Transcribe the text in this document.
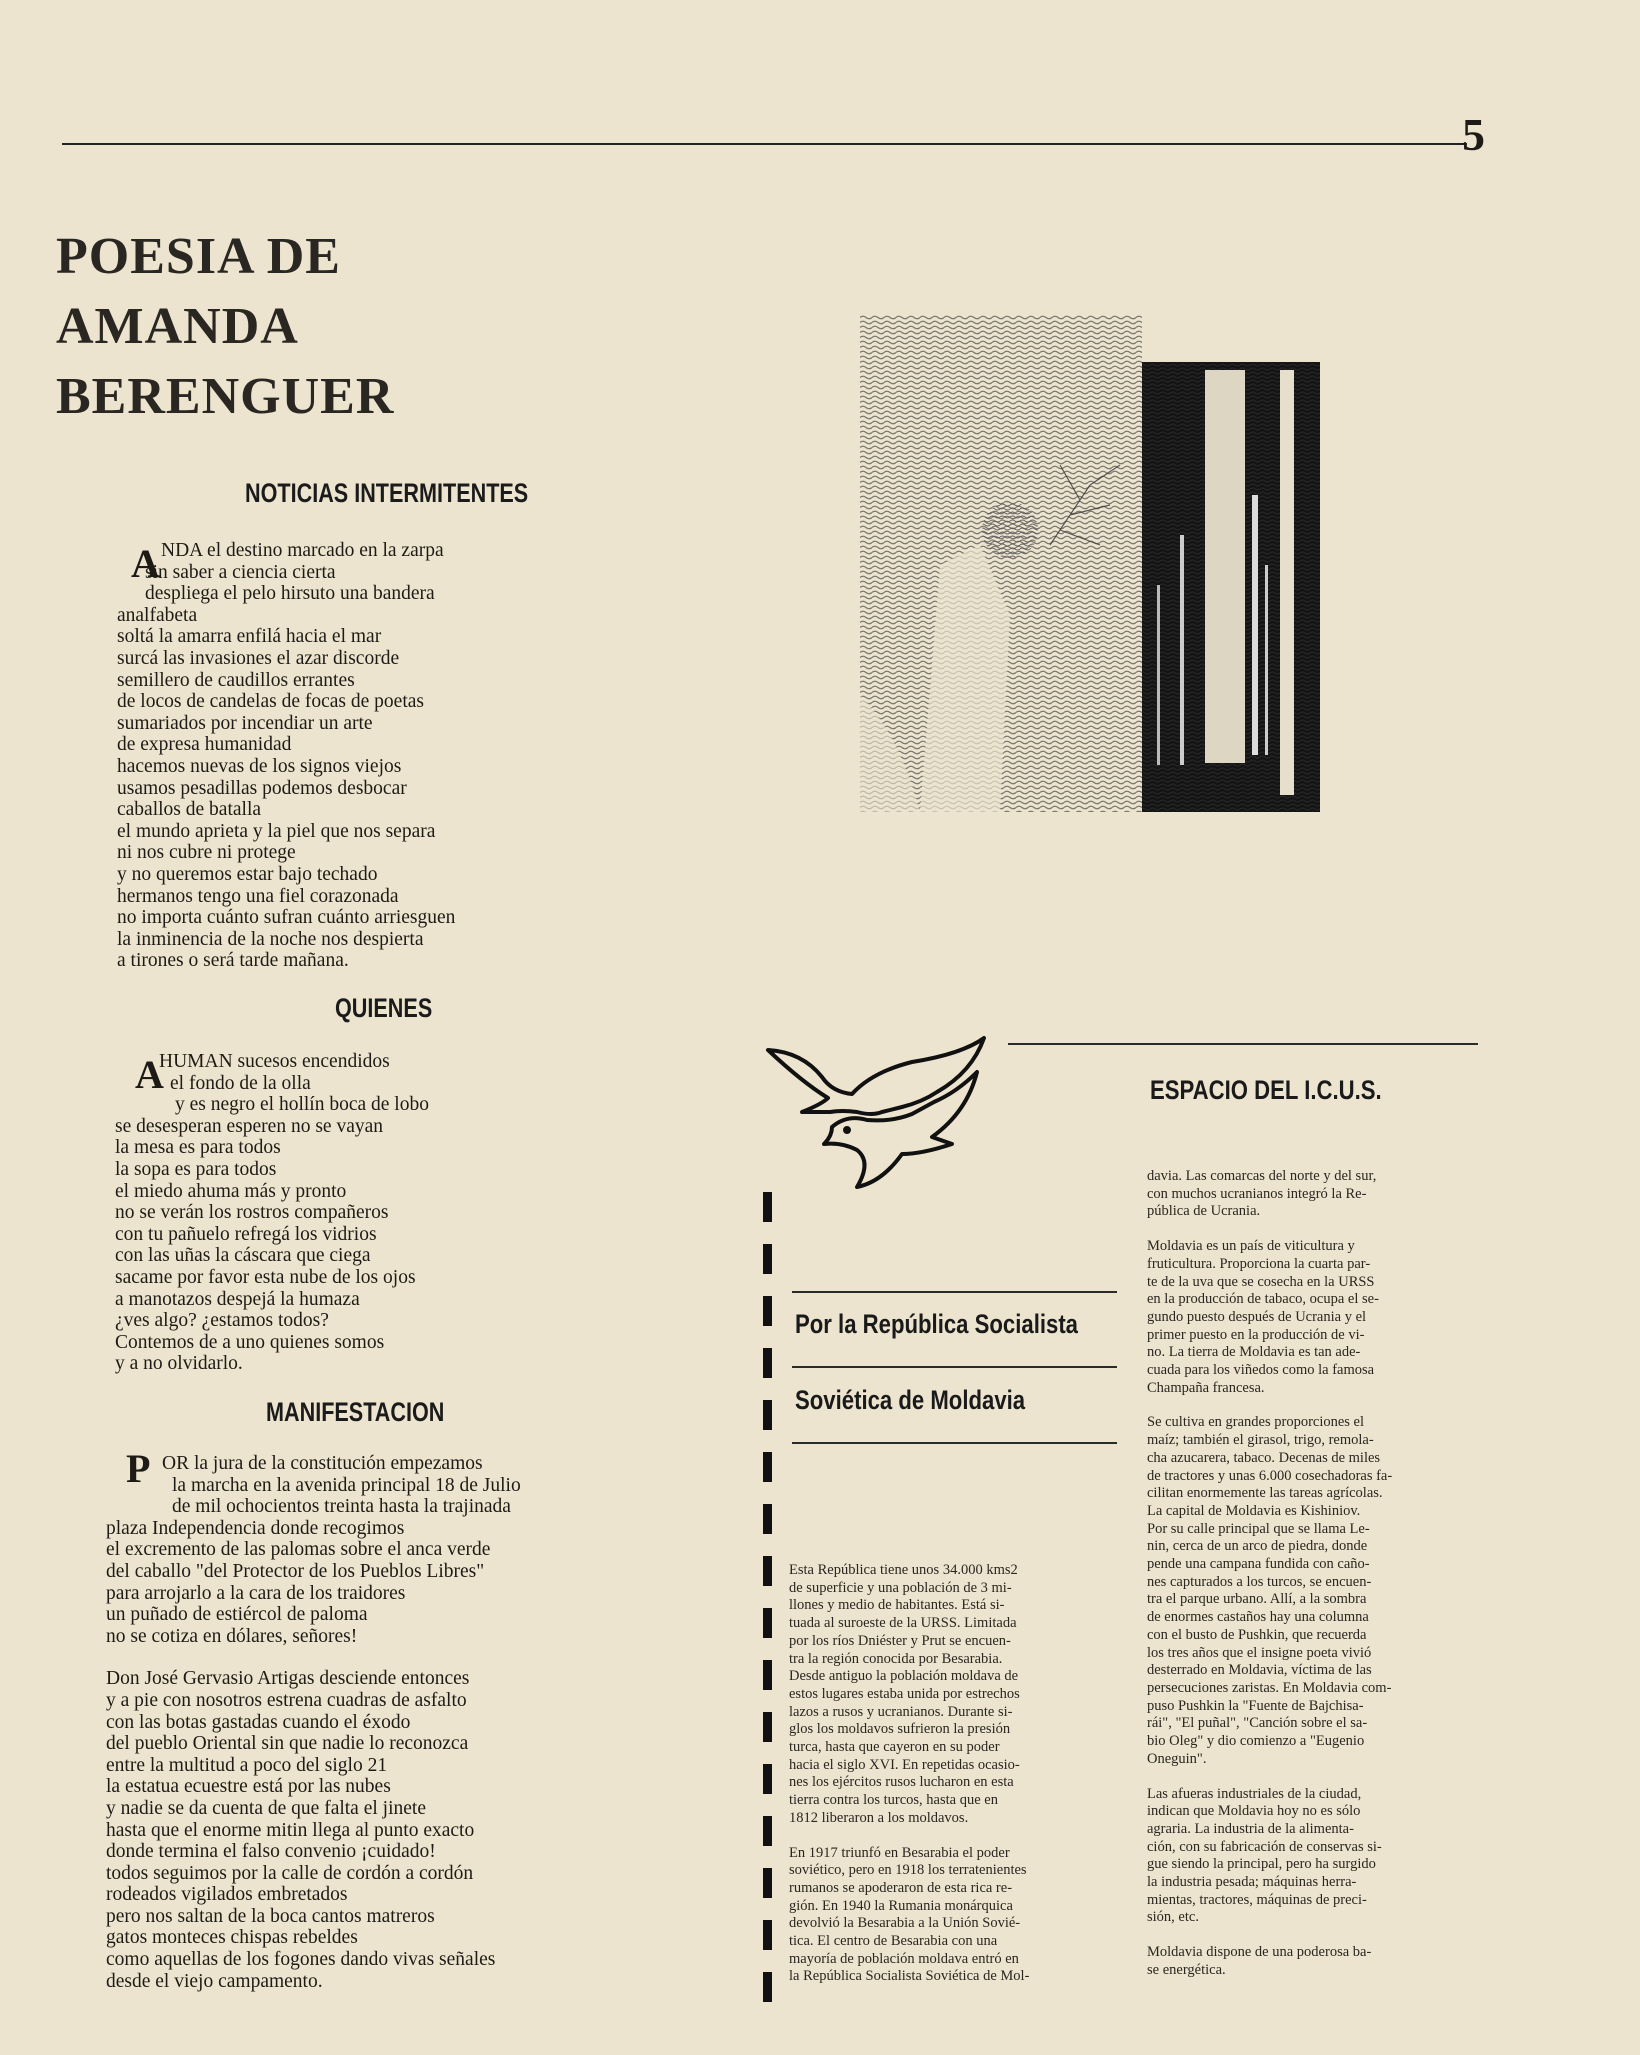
5
POESIA DE
AMANDA
BERENGUER
NOTICIAS INTERMITENTES
A NDA el destino marcado en la zarpa
sin saber a ciencia cierta
despliega el pelo hirsuto una bandera
analfabeta
soltá la amarra enfilá hacia el mar
surcá las invasiones el azar discorde
semillero de caudillos errantes
de locos de candelas de focas de poetas
sumariados por incendiar un arte
de expresa humanidad
hacemos nuevas de los signos viejos
usamos pesadillas podemos desbocar
caballos de batalla
el mundo aprieta y la piel que nos separa
ni nos cubre ni protege
y no queremos estar bajo techado
hermanos tengo una fiel corazonada
no importa cuánto sufran cuánto arriesguen
la inminencia de la noche nos despierta
a tirones o será tarde mañana.
QUIENES
A
HUMAN sucesos encendidos
el fondo de la olla
y es negro el hollín boca de lobo
se desesperan esperen no se vayan
la mesa es para todos
la sopa es para todos
el miedo ahuma más y pronto
no se verán los rostros compañeros
con tu pañuelo refregá los vidrios
con las uñas la cáscara que ciega
sacame por favor esta nube de los ojos
a manotazos despejá la humaza
¿ves algo? ¿estamos todos?
Contemos de a uno quienes somos
y a no olvidarlo.
MANIFESTACION
P OR la jura de la constitución empezamos
la marcha en la avenida principal 18 de Julio
de mil ochocientos treinta hasta la trajinada
plaza Independencia donde recogimos
el excremento de las palomas sobre el anca verde
del caballo "del Protector de los Pueblos Libres"
para arrojarlo a la cara de los traidores
un puñado de estiércol de paloma
no se cotiza en dólares, señores!
Don José Gervasio Artigas desciende entonces
y a pie con nosotros estrena cuadras de asfalto
con las botas gastadas cuando el éxodo
del pueblo Oriental sin que nadie lo reconozca
entre la multitud a poco del siglo 21
la estatua ecuestre está por las nubes
y nadie se da cuenta de que falta el jinete
hasta que el enorme mitin llega al punto exacto
donde termina el falso convenio ¡cuidado!
todos seguimos por la calle de cordón a cordón
rodeados vigilados embretados
pero nos saltan de la boca cantos matreros
gatos monteces chispas rebeldes
como aquellas de los fogones dando vivas señales
desde el viejo campamento.
ESPACIO DEL I.C.U.S.
Por la República Socialista
Soviética de Moldavia
Esta República tiene unos 34.000 kms2
de superficie y una población de 3 mi-
llones y medio de habitantes. Está si-
tuada al suroeste de la URSS. Limitada
por los ríos Dniéster y Prut se encuen-
tra la región conocida por Besarabia.
Desde antiguo la población moldava de
estos lugares estaba unida por estrechos
lazos a rusos y ucranianos. Durante si-
glos los moldavos sufrieron la presión
turca, hasta que cayeron en su poder
hacia el siglo XVI. En repetidas ocasio-
nes los ejércitos rusos lucharon en esta
tierra contra los turcos, hasta que en
1812 liberaron a los moldavos.
En 1917 triunfó en Besarabia el poder
soviético, pero en 1918 los terratenientes
rumanos se apoderaron de esta rica re-
gión. En 1940 la Rumania monárquica
devolvió la Besarabia a la Unión Sovié-
tica. El centro de Besarabia con una
mayoría de población moldava entró en
la República Socialista Soviética de Mol-
davia. Las comarcas del norte y del sur,
con muchos ucranianos integró la Re-
pública de Ucrania.
Moldavia es un país de viticultura y
fruticultura. Proporciona la cuarta par-
te de la uva que se cosecha en la URSS
en la producción de tabaco, ocupa el se-
gundo puesto después de Ucrania y el
primer puesto en la producción de vi-
no. La tierra de Moldavia es tan ade-
cuada para los viñedos como la famosa
Champaña francesa.
Se cultiva en grandes proporciones el
maíz; también el girasol, trigo, remola-
cha azucarera, tabaco. Decenas de miles
de tractores y unas 6.000 cosechadoras fa-
cilitan enormemente las tareas agrícolas.
La capital de Moldavia es Kishiniov.
Por su calle principal que se llama Le-
nin, cerca de un arco de piedra, donde
pende una campana fundida con caño-
nes capturados a los turcos, se encuen-
tra el parque urbano. Allí, a la sombra
de enormes castaños hay una columna
con el busto de Pushkin, que recuerda
los tres años que el insigne poeta vivió
desterrado en Moldavia, víctima de las
persecuciones zaristas. En Moldavia com-
puso Pushkin la "Fuente de Bajchisa-
rái", "El puñal", "Canción sobre el sa-
bio Oleg" y dio comienzo a "Eugenio
Oneguin".
Las afueras industriales de la ciudad,
indican que Moldavia hoy no es sólo
agraria. La industria de la alimenta-
ción, con su fabricación de conservas si-
gue siendo la principal, pero ha surgido
la industria pesada; máquinas herra-
mientas, tractores, máquinas de preci-
sión, etc.
Moldavia dispone de una poderosa ba-
se energética.
